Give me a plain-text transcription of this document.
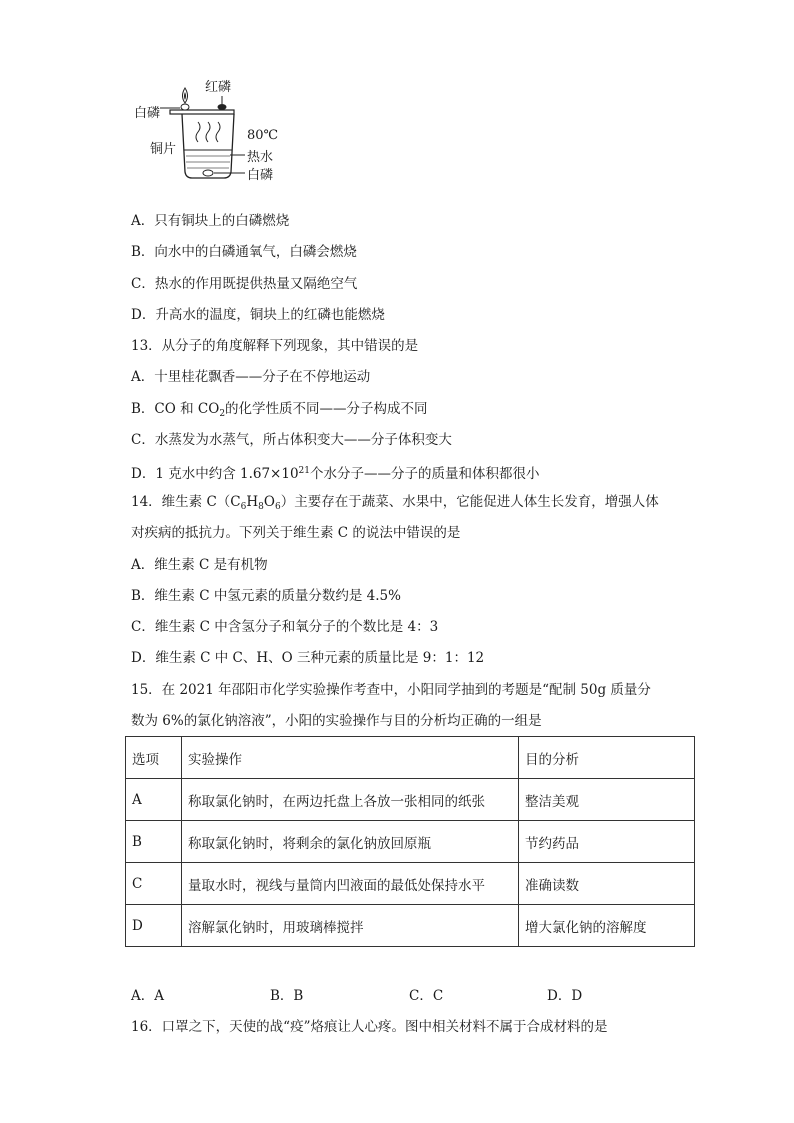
红磷
白磷
铜片
80℃
热水
白磷
A．只有铜块上的白磷燃烧
B．向水中的白磷通氧气，白磷会燃烧
C．热水的作用既提供热量又隔绝空气
D．升高水的温度，铜块上的红磷也能燃烧
13．从分子的角度解释下列现象，其中错误的是
A．十里桂花飘香——分子在不停地运动
B．CO 和 $CO_2$的化学性质不同——分子构成不同
C．水蒸发为水蒸气，所占体积变大——分子体积变大
D．1 克水中约含 $1.67\times 10^{21}$个水分子——分子的质量和体积都很小
14．维生素 $C(C_6H_8O_6)$主要存在于蔬菜、水果中，它能促进人体生长发育，增强人体
对疾病的抵抗力。下列关于维生素 C 的说法中错误的是
A．维生素 C 是有机物
B．维生素 C 中氢元素的质量分数约是 4.5%
C．维生素 C 中含氢分子和氧分子的个数比是 4：3
D．维生素 C 中 C、H、O 三种元素的质量比是 9：1：12
15．在 2021 年邵阳市化学实验操作考查中，小阳同学抽到的考题是“配制 50g 质量分
数为 6%的氯化钠溶液”，小阳的实验操作与目的分析均正确的一组是
选项	实验操作	目的分析
A	称取氯化钠时，在两边托盘上各放一张相同的纸张	整洁美观
B	称取氯化钠时，将剩余的氯化钠放回原瓶	节约药品
C	量取水时，视线与量筒内凹液面的最低处保持水平	准确读数
D	溶解氯化钠时，用玻璃棒搅拌	增大氯化钠的溶解度
A．A	B．B	C．C	D．D
16．口罩之下，天使的战“疫”烙痕让人心疼。图中相关材料不属于合成材料的是
